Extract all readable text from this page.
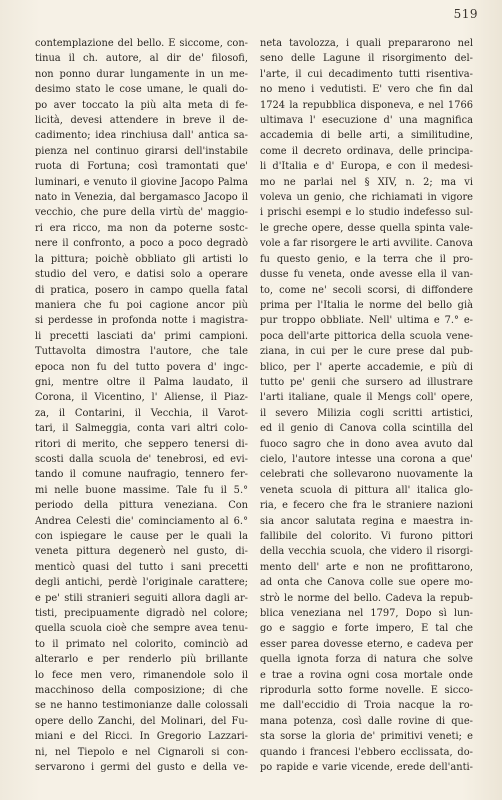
519
contemplazione del bello. E siccome, con-
tinua il ch. autore, al dir de' filosofi,
non ponno durar lungamente in un me-
desimo stato le cose umane, le quali do-
po aver toccato la più alta meta di fe-
licità, devesi attendere in breve il de-
cadimento; idea rinchiusa dall' antica sa-
pienza nel continuo girarsi dell'instabile
ruota di Fortuna; così tramontati que'
luminari, e venuto il giovine Jacopo Palma
nato in Venezia, dal bergamasco Jacopo il
vecchio, che pure della virtù de' maggio-
ri era ricco, ma non da poterne sostc-
nere il confronto, a poco a poco degradò
la pittura; poichè obbliato gli artisti lo
studio del vero, e datisi solo a operare
di pratica, posero in campo quella fatal
maniera che fu poi cagione ancor più
si perdesse in profonda notte i magistra-
li precetti lasciati da' primi campioni.
Tuttavolta dimostra l'autore, che tale
epoca non fu del tutto povera d' ingc-
gni, mentre oltre il Palma laudato, il
Corona, il Vicentino, l' Aliense, il Piaz-
za, il Contarini, il Vecchia, il Varot-
tari, il Salmeggia, conta vari altri colo-
ritori di merito, che seppero tenersi di-
scosti dalla scuola de' tenebrosi, ed evi-
tando il comune naufragio, tennero fer-
mi nelle buone massime. Tale fu il 5.°
periodo della pittura veneziana. Con
Andrea Celesti die' cominciamento al 6.°
con ispiegare le cause per le quali la
veneta pittura degenerò nel gusto, di-
menticò quasi del tutto i sani precetti
degli antichi, perdè l'originale carattere;
e pe' stili stranieri seguiti allora dagli ar-
tisti, precipuamente digradò nel colore;
quella scuola cioè che sempre avea tenu-
to il primato nel colorito, cominciò ad
alterarlo e per renderlo più brillante
lo fece men vero, rimanendole solo il
macchinoso della composizione; di che
se ne hanno testimonianze dalle colossali
opere dello Zanchi, del Molinari, del Fu-
miani e del Ricci. In Gregorio Lazzari-
ni, nel Tiepolo e nel Cignaroli si con-
servarono i germi del gusto e della ve-
neta tavolozza, i quali prepararono nel
seno delle Lagune il risorgimento del-
l'arte, il cui decadimento tutti risentiva-
no meno i vedutisti. E' vero che fin dal
1724 la repubblica disponeva, e nel 1766
ultimava l' esecuzione d' una magnifica
accademia di belle arti, a similitudine,
come il decreto ordinava, delle principa-
li d'Italia e d' Europa, e con il medesi-
mo ne parlai nel § XIV, n. 2; ma vi
voleva un genio, che richiamati in vigore
i prischi esempi e lo studio indefesso sul-
le greche opere, desse quella spinta vale-
vole a far risorgere le arti avvilite. Canova
fu questo genio, e la terra che il pro-
dusse fu veneta, onde avesse ella il van-
to, come ne' secoli scorsi, di diffondere
prima per l'Italia le norme del bello già
pur troppo obbliate. Nell' ultima e 7.° e-
poca dell'arte pittorica della scuola vene-
ziana, in cui per le cure prese dal pub-
blico, per l' aperte accademie, e più di
tutto pe' genii che sursero ad illustrare
l'arti italiane, quale il Mengs coll' opere,
il severo Milizia cogli scritti artistici,
ed il genio di Canova colla scintilla del
fuoco sagro che in dono avea avuto dal
cielo, l'autore intesse una corona a que'
celebrati che sollevarono nuovamente la
veneta scuola di pittura all' italica glo-
ria, e fecero che fra le straniere nazioni
sia ancor salutata regina e maestra in-
fallibile del colorito. Vi furono pittori
della vecchia scuola, che videro il risorgi-
mento dell' arte e non ne profittarono,
ad onta che Canova colle sue opere mo-
strò le norme del bello. Cadeva la repub-
blica veneziana nel 1797, Dopo sì lun-
go e saggio e forte impero, E tal che
esser parea dovesse eterno, e cadeva per
quella ignota forza di natura che solve
e trae a rovina ogni cosa mortale onde
riprodurla sotto forme novelle. E sicco-
me dall'eccidio di Troia nacque la ro-
mana potenza, così dalle rovine di que-
sta sorse la gloria de' primitivi veneti; e
quando i francesi l'ebbero ecclissata, do-
po rapide e varie vicende, erede dell'anti-
